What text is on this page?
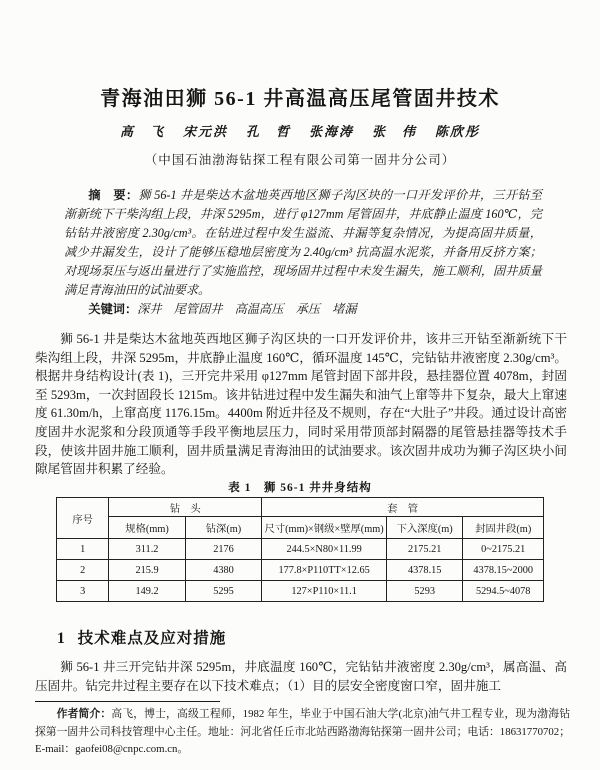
青海油田狮 56-1 井高温高压尾管固井技术
高　飞 宋元洪 孔　哲 张海涛 张　伟 陈欣彤
（中国石油渤海钻探工程有限公司第一固井分公司）

摘　要：狮 56-1 井是柴达木盆地英西地区狮子沟区块的一口开发评价井，三开钻至渐新统下干柴沟组上段，井深 5295m，进行 φ127mm 尾管固井，井底静止温度 160℃，完钻钻井液密度 2.30g/cm³。在钻进过程中发生溢流、井漏等复杂情况，为提高固井质量，减少井漏发生，设计了能够压稳地层密度为 2.40g/cm³ 抗高温水泥浆，并备用反挤方案；对现场泵压与返出量进行了实施监控，现场固井过程中未发生漏失，施工顺利，固井质量满足青海油田的试油要求。

关键词：深井　尾管固井　高温高压　承压　堵漏

狮 56-1 井是柴达木盆地英西地区狮子沟区块的一口开发评价井，该井三开钻至渐新统下干柴沟组上段，井深 5295m，井底静止温度 160℃，循环温度 145℃，完钻钻井液密度 2.30g/cm³。根据井身结构设计(表 1)，三开完井采用 φ127mm 尾管封固下部井段，悬挂器位置 4078m，封固至 5293m，一次封固段长 1215m。该井钻进过程中发生漏失和油气上窜等井下复杂，最大上窜速度 61.30m/h，上窜高度 1176.15m。4400m 附近井径及不规则，存在“大肚子”井段。通过设计高密度固井水泥浆和分段顶通等手段平衡地层压力，同时采用带顶部封隔器的尾管悬挂器等技术手段，使该井固井施工顺利，固井质量满足青海油田的试油要求。该次固井成功为狮子沟区块小间隙尾管固井积累了经验。
表 1　狮 56-1 井井身结构
序号	钻　头		套　管		
	规格(mm)	钻深(m)	尺寸(mm)×钢级×壁厚(mm)	下入深度(m)	封固井段(m)
1	311.2	2176	244.5×N80×11.99	2175.21	0~2175.21
2	215.9	4380	177.8×P110TT×12.65	4378.15	4378.15~2000
3	149.2	5295	127×P110×11.1	5293	5294.5~4078
1 技术难点及应对措施
狮 56-1 井三开完钻井深 5295m，井底温度 160℃，完钻钻井液密度 2.30g/cm³，属高温、高压固井。钻完井过程主要存在以下技术难点；（1）目的层安全密度窗口窄，固井施工

作者简介：高飞，博士，高级工程师，1982 年生，毕业于中国石油大学(北京)油气井工程专业，现为渤海钻探第一固井公司科技管理中心主任。地址：河北省任丘市北站西路渤海钻探第一固井公司；电话：18631770702；E-mail：gaofei08@cnpc.com.cn。
